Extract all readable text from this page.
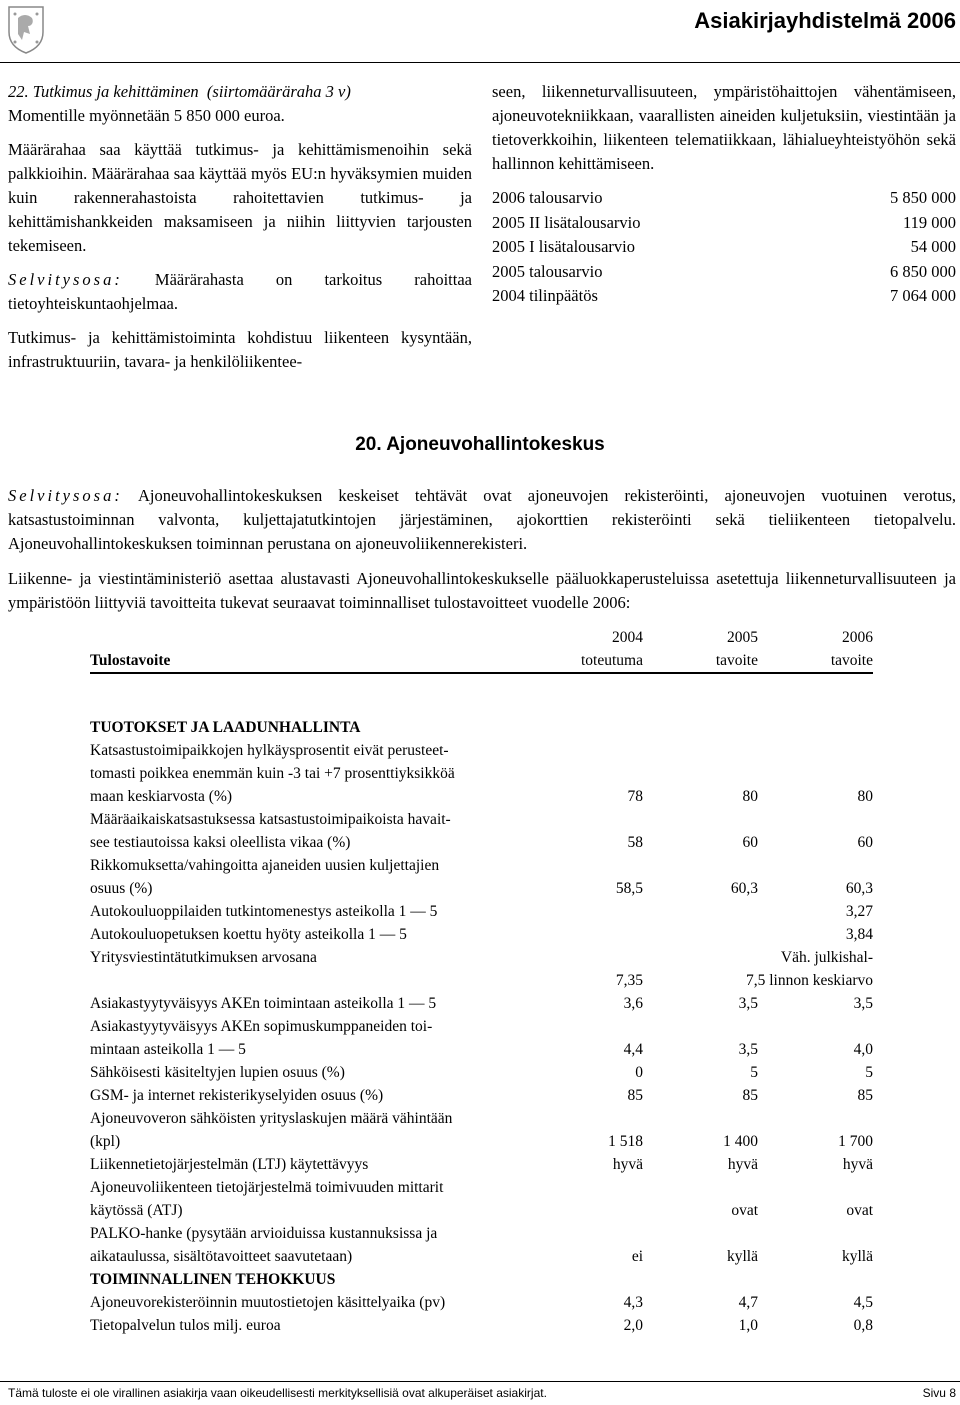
Asiakirjayhdistelmä 2006

22. Tutkimus ja kehittäminen (siirtomääräraha 3 v)

Momentille myönnetään 5 850 000 euroa.

Määrärahaa saa käyttää tutkimus- ja kehittämismenoihin sekä palkkioihin. Määrärahaa saa käyttää myös EU:n hyväksymien muiden kuin rakennerahastoista rahoitettavien tutkimus- ja kehittämishankkeiden maksamiseen ja niihin liittyvien tarjousten tekemiseen.

Selvitysosa: Määrärahasta on tarkoitus rahoittaa tietoyhteiskuntaohjelmaa.

Tutkimus- ja kehittämistoiminta kohdistuu liikenteen kysyntään, infrastruktuuriin, tavara- ja henkilöliikentee-

seen, liikenneturvallisuuteen, ympäristöhaittojen vähentämiseen, ajoneuvotekniikkaan, vaarallisten aineiden kuljetuksiin, viestintään ja tietoverkkoihin, liikenteen telematiikkaan, lähialueyhteistyöhön sekä hallinnon kehittämiseen.

2006 talousarvio	5 850 000
2005 II lisätalousarvio	119 000
2005 I lisätalousarvio	54 000
2005 talousarvio	6 850 000
2004 tilinpäätös	7 064 000
20. Ajoneuvohallintokeskus

Selvitysosa: Ajoneuvohallintokeskuksen keskeiset tehtävät ovat ajoneuvojen rekisteröinti, ajoneuvojen vuotuinen verotus, katsastustoiminnan valvonta, kuljettajatutkintojen järjestäminen, ajokorttien rekisteröinti sekä tieliikenteen tietopalvelu. Ajoneuvohallintokeskuksen toiminnan perustana on ajoneuvoliikennerekisteri.

Liikenne- ja viestintäministeriö asettaa alustavasti Ajoneuvohallintokeskukselle pääluokkaperusteluissa asetettuja liikenneturvallisuuteen ja ympäristöön liittyviä tavoitteita tukevat seuraavat toiminnalliset tulostavoitteet vuodelle 2006:

	2004	2005	2006
Tulostavoite	toteutuma	tavoite	tavoite

TUOTOKSET JA LAADUNHALLINTA			
Katsastustoimipaikkojen hylkäysprosentit eivät perusteet-			
tomasti poikkea enemmän kuin -3 tai +7 prosenttiyksikköä			
maan keskiarvosta (%)	78	80	80
Määräaikaiskatsastuksessa katsastustoimipaikoista havait-			
see testiautoissa kaksi oleellista vikaa (%)	58	60	60
Rikkomuksetta/vahingoitta ajaneiden uusien kuljettajien			
osuus (%)	58,5	60,3	60,3
Autokouluoppilaiden tutkintomenestys asteikolla 1 — 5			3,27
Autokouluopetuksen koettu hyöty asteikolla 1 — 5			3,84
Yritysviestintätutkimuksen arvosana		Väh. julkishal-	
	7,35	7,5 linnon keskiarvo	
Asiakastyytyväisyys AKEn toimintaan asteikolla 1 — 5	3,6	3,5	3,5
Asiakastyytyväisyys AKEn sopimuskumppaneiden toi-			
mintaan asteikolla 1 — 5	4,4	3,5	4,0
Sähköisesti käsiteltyjen lupien osuus (%)	0	5	5
GSM- ja internet rekisterikyselyiden osuus (%)	85	85	85
Ajoneuvoveron sähköisten yrityslaskujen määrä vähintään			
(kpl)	1 518	1 400	1 700
Liikennetietojärjestelmän (LTJ) käytettävyys	hyvä	hyvä	hyvä
Ajoneuvoliikenteen tietojärjestelmä toimivuuden mittarit			
käytössä (ATJ)		ovat	ovat
PALKO-hanke (pysytään arvioiduissa kustannuksissa ja			
aikataulussa, sisältötavoitteet saavutetaan)	ei	kyllä	kyllä
TOIMINNALLINEN TEHOKKUUS			
Ajoneuvorekisteröinnin muutostietojen käsittelyaika (pv)	4,3	4,7	4,5
Tietopalvelun tulos milj. euroa	2,0	1,0	0,8
Tämä tuloste ei ole virallinen asiakirja vaan oikeudellisesti merkityksellisiä ovat alkuperäiset asiakirjat.	Sivu 8
